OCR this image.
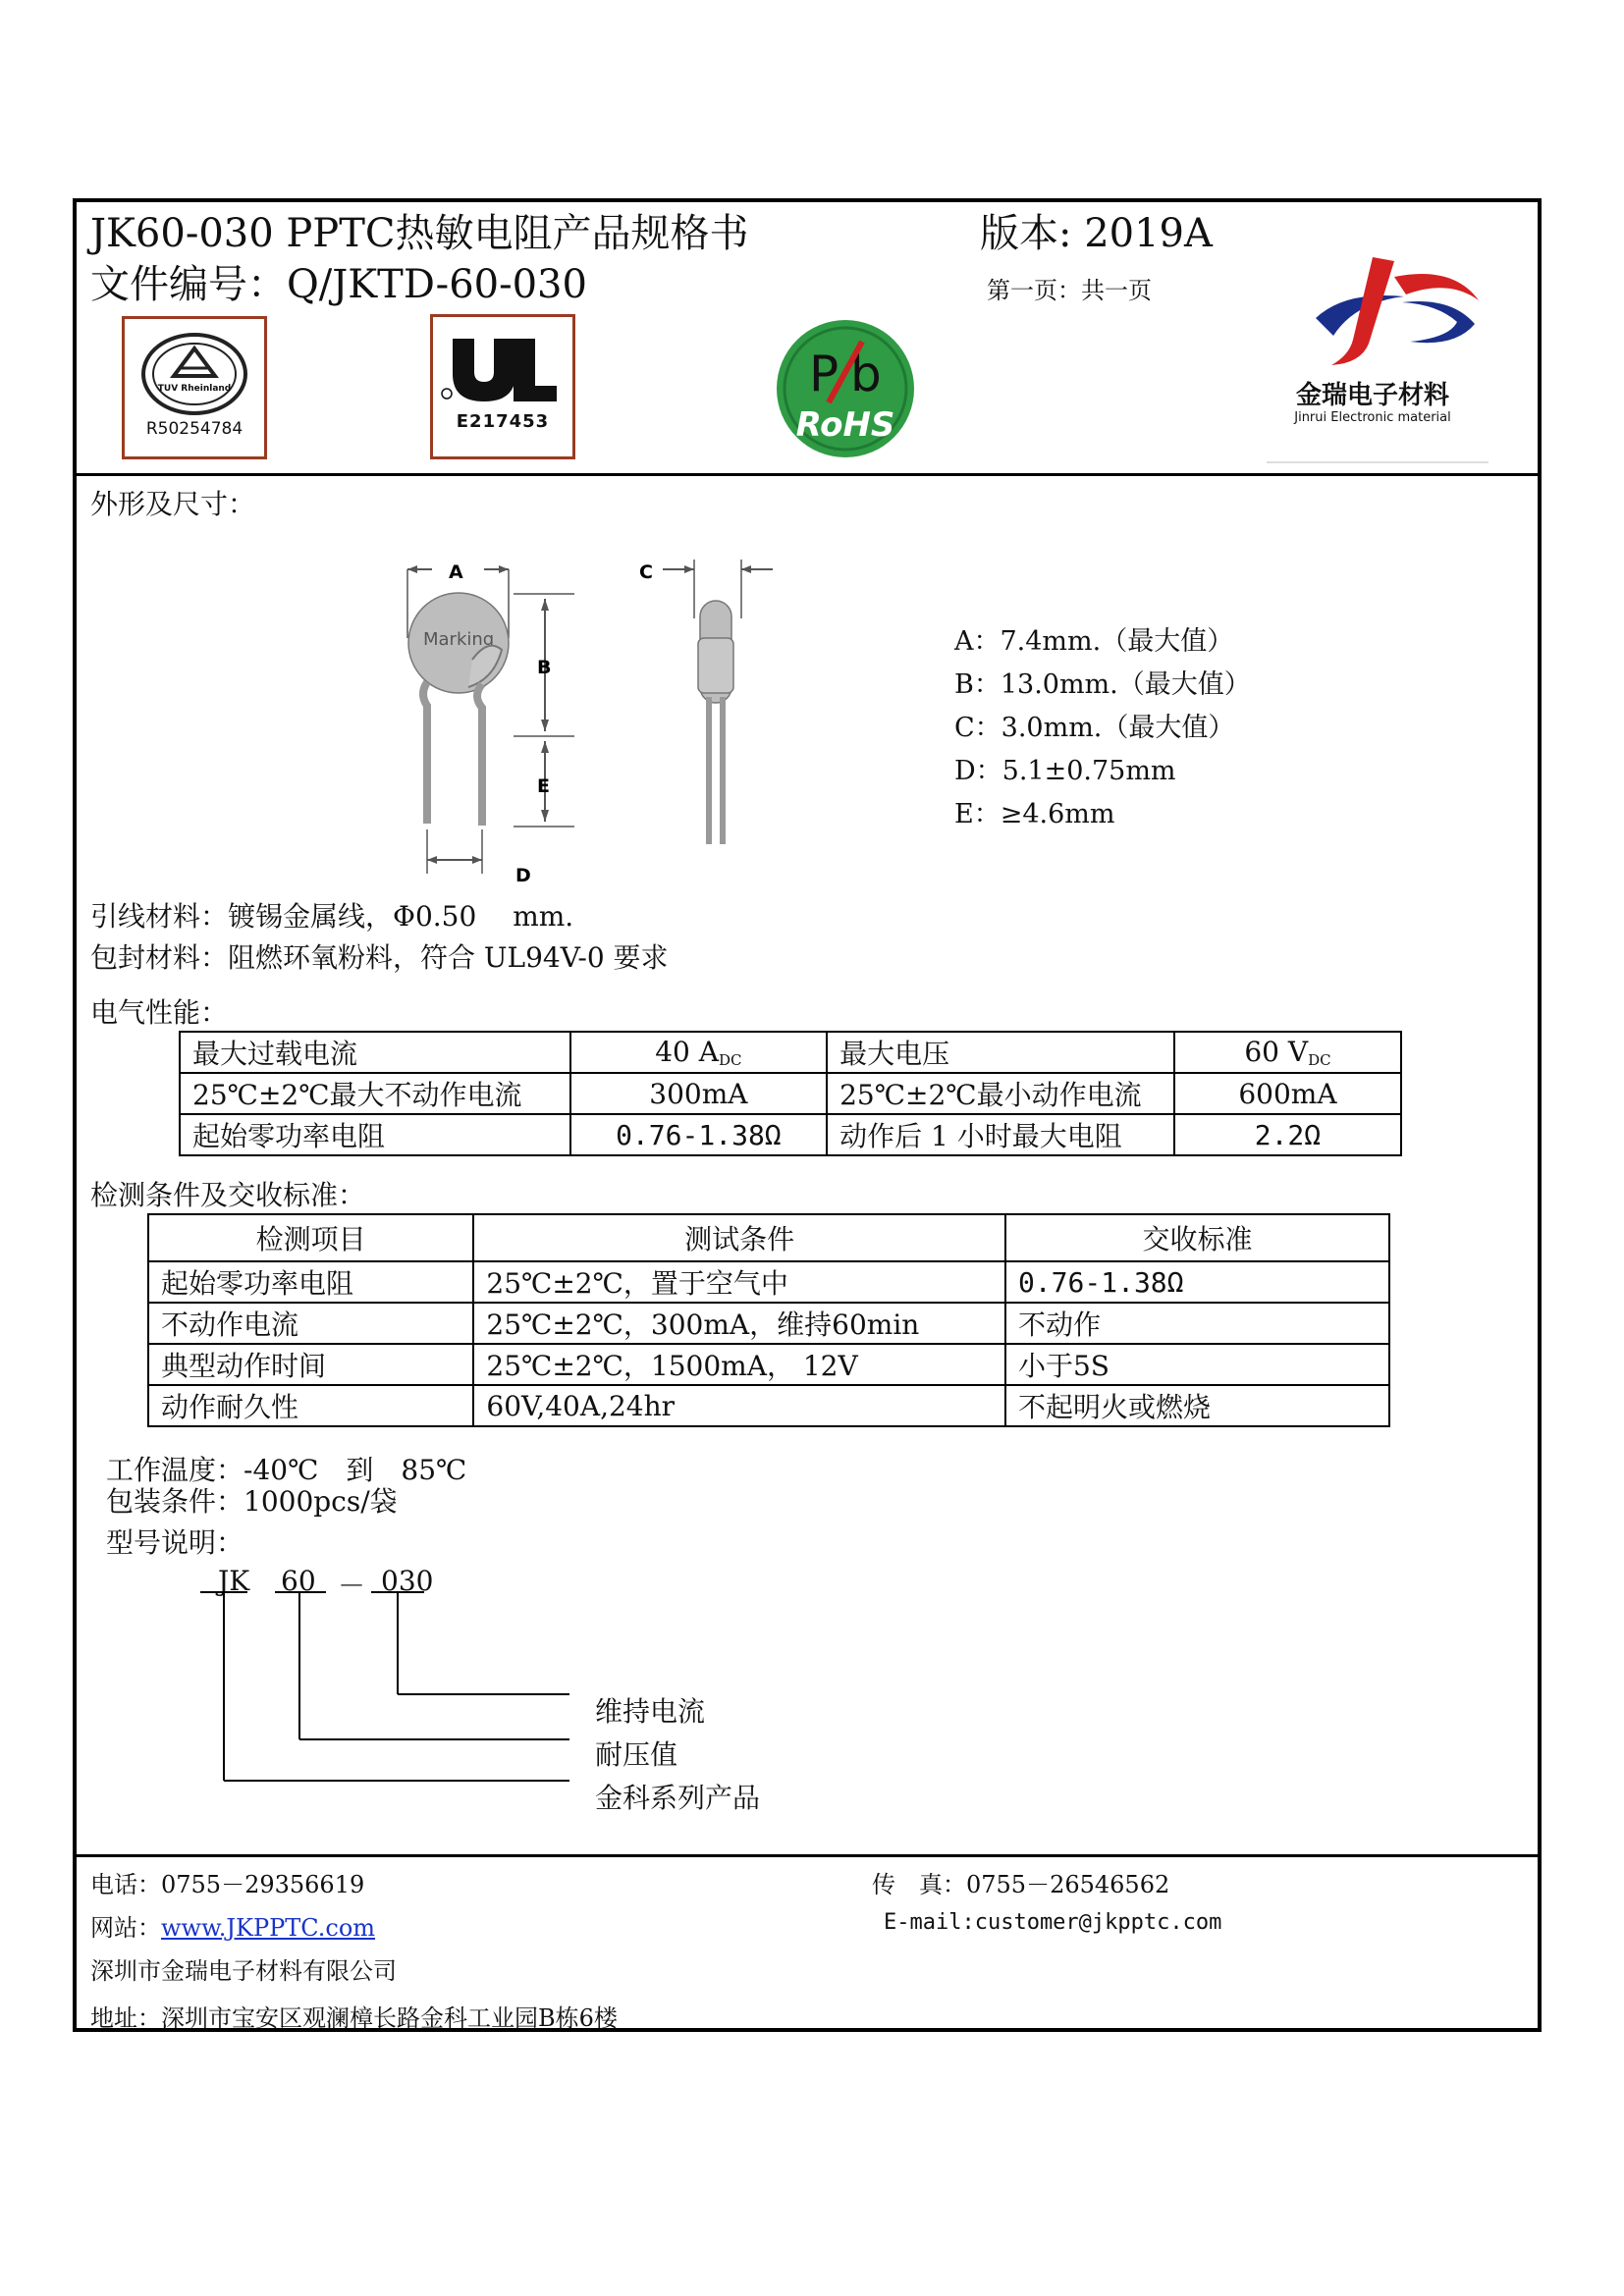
JK60-030 PPTC热敏电阻产品规格书	版本: 2019A
文件编号：Q/JKTD-60-030	第一页：共一页
TUV Rheinland
R50254784	E217453
P b
RoHS
金瑞电子材料
Jinrui Electronic material
外形及尺寸：
A
Marking
B
E
D
C
A：7.4mm.（最大值）
B：13.0mm.（最大值）
C：3.0mm.（最大值）
D：5.1±0.75mm
E：≥4.6mm
引线材料：镀锡金属线，Φ0.50　 mm.
包封材料：阻燃环氧粉料，符合 UL94V-0 要求
电气性能：
最大过载电流	40 $A_{DC}$	最大电压	60 $V_{DC}$
25℃±2℃最大不动作电流	300mA	25℃±2℃最小动作电流	600mA
起始零功率电阻	0.76-1.38Ω	动作后 1 小时最大电阻	2.2Ω
检测条件及交收标准：
检测项目	测试条件	交收标准
起始零功率电阻	25℃±2℃，置于空气中	0.76-1.38Ω
不动作电流	25℃±2℃，300mA，维持60min	不动作
典型动作时间	25℃±2℃，1500mA， 12V	小于5S
动作耐久性	60V,40A,24hr	不起明火或燃烧
工作温度：-40℃　到　85℃
包装条件：1000pcs/袋
型号说明：
JK 60 － 030
维持电流
耐压值
金科系列产品
电话：0755－29356619	传　真：0755－26546562
网站：www.JKPPTC.com	E-mail:customer@jkpptc.com
深圳市金瑞电子材料有限公司
地址：深圳市宝安区观澜樟长路金科工业园B栋6楼
